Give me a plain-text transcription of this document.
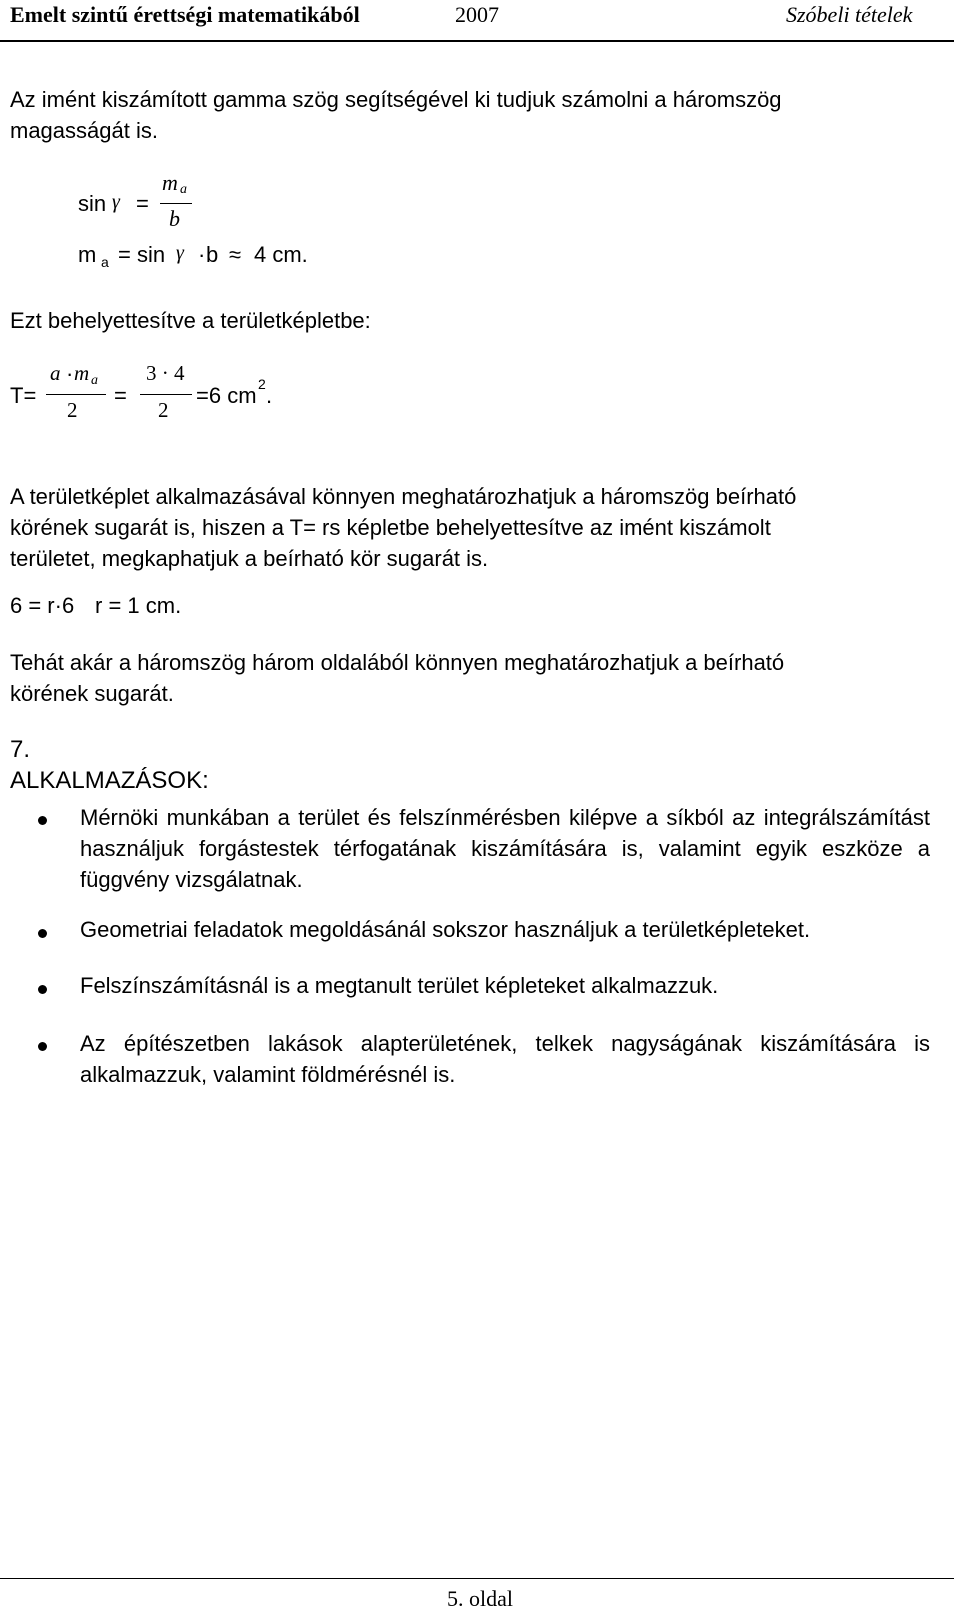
Emelt szintű érettségi matematikából	2007	Szóbeli tételek
Az imént kiszámított gamma szög segítségével ki tudjuk számolni a háromszög
magasságát is.
sin γ =
m a
b
m a = sin γ · b ≈ 4 cm.
Ezt behelyettesítve a területképletbe:
T=
a · m a
2
=
3 · 4
2
=6 cm 2 .
A területképlet alkalmazásával könnyen meghatározhatjuk a háromszög beírható
körének sugarát is, hiszen a T= rs képletbe behelyettesítve az imént kiszámolt
területet, megkaphatjuk a beírható kör sugarát is.
6 = r·6 r = 1 cm.
Tehát akár a háromszög három oldalából könnyen meghatározhatjuk a beírható
körének sugarát.
7.
ALKALMAZÁSOK:
Mérnöki munkában a terület és felszínmérésben kilépve a síkból az integrálszámítást használjuk forgástestek térfogatának kiszámítására is, valamint egyik eszköze a függvény vizsgálatnak.
Geometriai feladatok megoldásánál sokszor használjuk a területképleteket.
Felszínszámításnál is a megtanult terület képleteket alkalmazzuk.
Az építészetben lakások alapterületének, telkek nagyságának kiszámítására is alkalmazzuk, valamint földmérésnél is.
5. oldal
